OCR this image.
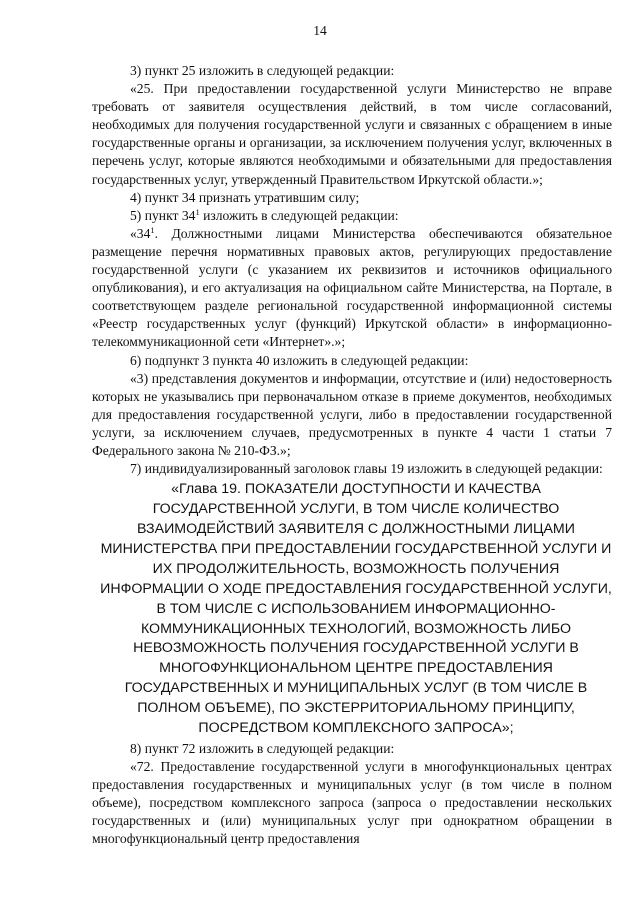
14

3) пункт 25 изложить в следующей редакции:

«25. При предоставлении государственной услуги Министерство не вправе требовать от заявителя осуществления действий, в том числе согласований, необходимых для получения государственной услуги и связанных с обращением в иные государственные органы и организации, за исключением получения услуг, включенных в перечень услуг, которые являются необходимыми и обязательными для предоставления государственных услуг, утвержденный Правительством Иркутской области.»;

4) пункт 34 признать утратившим силу;

5) пункт $34^1$ изложить в следующей редакции:

«$34^1$. Должностными лицами Министерства обеспечиваются обязательное размещение перечня нормативных правовых актов, регулирующих предоставление государственной услуги (с указанием их реквизитов и источников официального опубликования), и его актуализация на официальном сайте Министерства, на Портале, в соответствующем разделе региональной государственной информационной системы «Реестр государственных услуг (функций) Иркутской области» в информационно-телекоммуникационной сети «Интернет».»;

6) подпункт 3 пункта 40 изложить в следующей редакции:

«3) представления документов и информации, отсутствие и (или) недостоверность которых не указывались при первоначальном отказе в приеме документов, необходимых для предоставления государственной услуги, либо в предоставлении государственной услуги, за исключением случаев, предусмотренных в пункте 4 части 1 статьи 7 Федерального закона № 210-ФЗ.»;

7) индивидуализированный заголовок главы 19 изложить в следующей редакции:

«Глава 19. ПОКАЗАТЕЛИ ДОСТУПНОСТИ И КАЧЕСТВА ГОСУДАРСТВЕННОЙ УСЛУГИ, В ТОМ ЧИСЛЕ КОЛИЧЕСТВО ВЗАИМОДЕЙСТВИЙ ЗАЯВИТЕЛЯ С ДОЛЖНОСТНЫМИ ЛИЦАМИ МИНИСТЕРСТВА ПРИ ПРЕДОСТАВЛЕНИИ ГОСУДАРСТВЕННОЙ УСЛУГИ И ИХ ПРОДОЛЖИТЕЛЬНОСТЬ, ВОЗМОЖНОСТЬ ПОЛУЧЕНИЯ ИНФОРМАЦИИ О ХОДЕ ПРЕДОСТАВЛЕНИЯ ГОСУДАРСТВЕННОЙ УСЛУГИ, В ТОМ ЧИСЛЕ С ИСПОЛЬЗОВАНИЕМ ИНФОРМАЦИОННО-КОММУНИКАЦИОННЫХ ТЕХНОЛОГИЙ, ВОЗМОЖНОСТЬ ЛИБО НЕВОЗМОЖНОСТЬ ПОЛУЧЕНИЯ ГОСУДАРСТВЕННОЙ УСЛУГИ В МНОГОФУНКЦИОНАЛЬНОМ ЦЕНТРЕ ПРЕДОСТАВЛЕНИЯ ГОСУДАРСТВЕННЫХ И МУНИЦИПАЛЬНЫХ УСЛУГ (В ТОМ ЧИСЛЕ В ПОЛНОМ ОБЪЕМЕ), ПО ЭКСТЕРРИТОРИАЛЬНОМУ ПРИНЦИПУ, ПОСРЕДСТВОМ КОМПЛЕКСНОГО ЗАПРОСА»;

8) пункт 72 изложить в следующей редакции:

«72. Предоставление государственной услуги в многофункциональных центрах предоставления государственных и муниципальных услуг (в том числе в полном объеме), посредством комплексного запроса (запроса о предоставлении нескольких государственных и (или) муниципальных услуг при однократном обращении в многофункциональный центр предоставления
